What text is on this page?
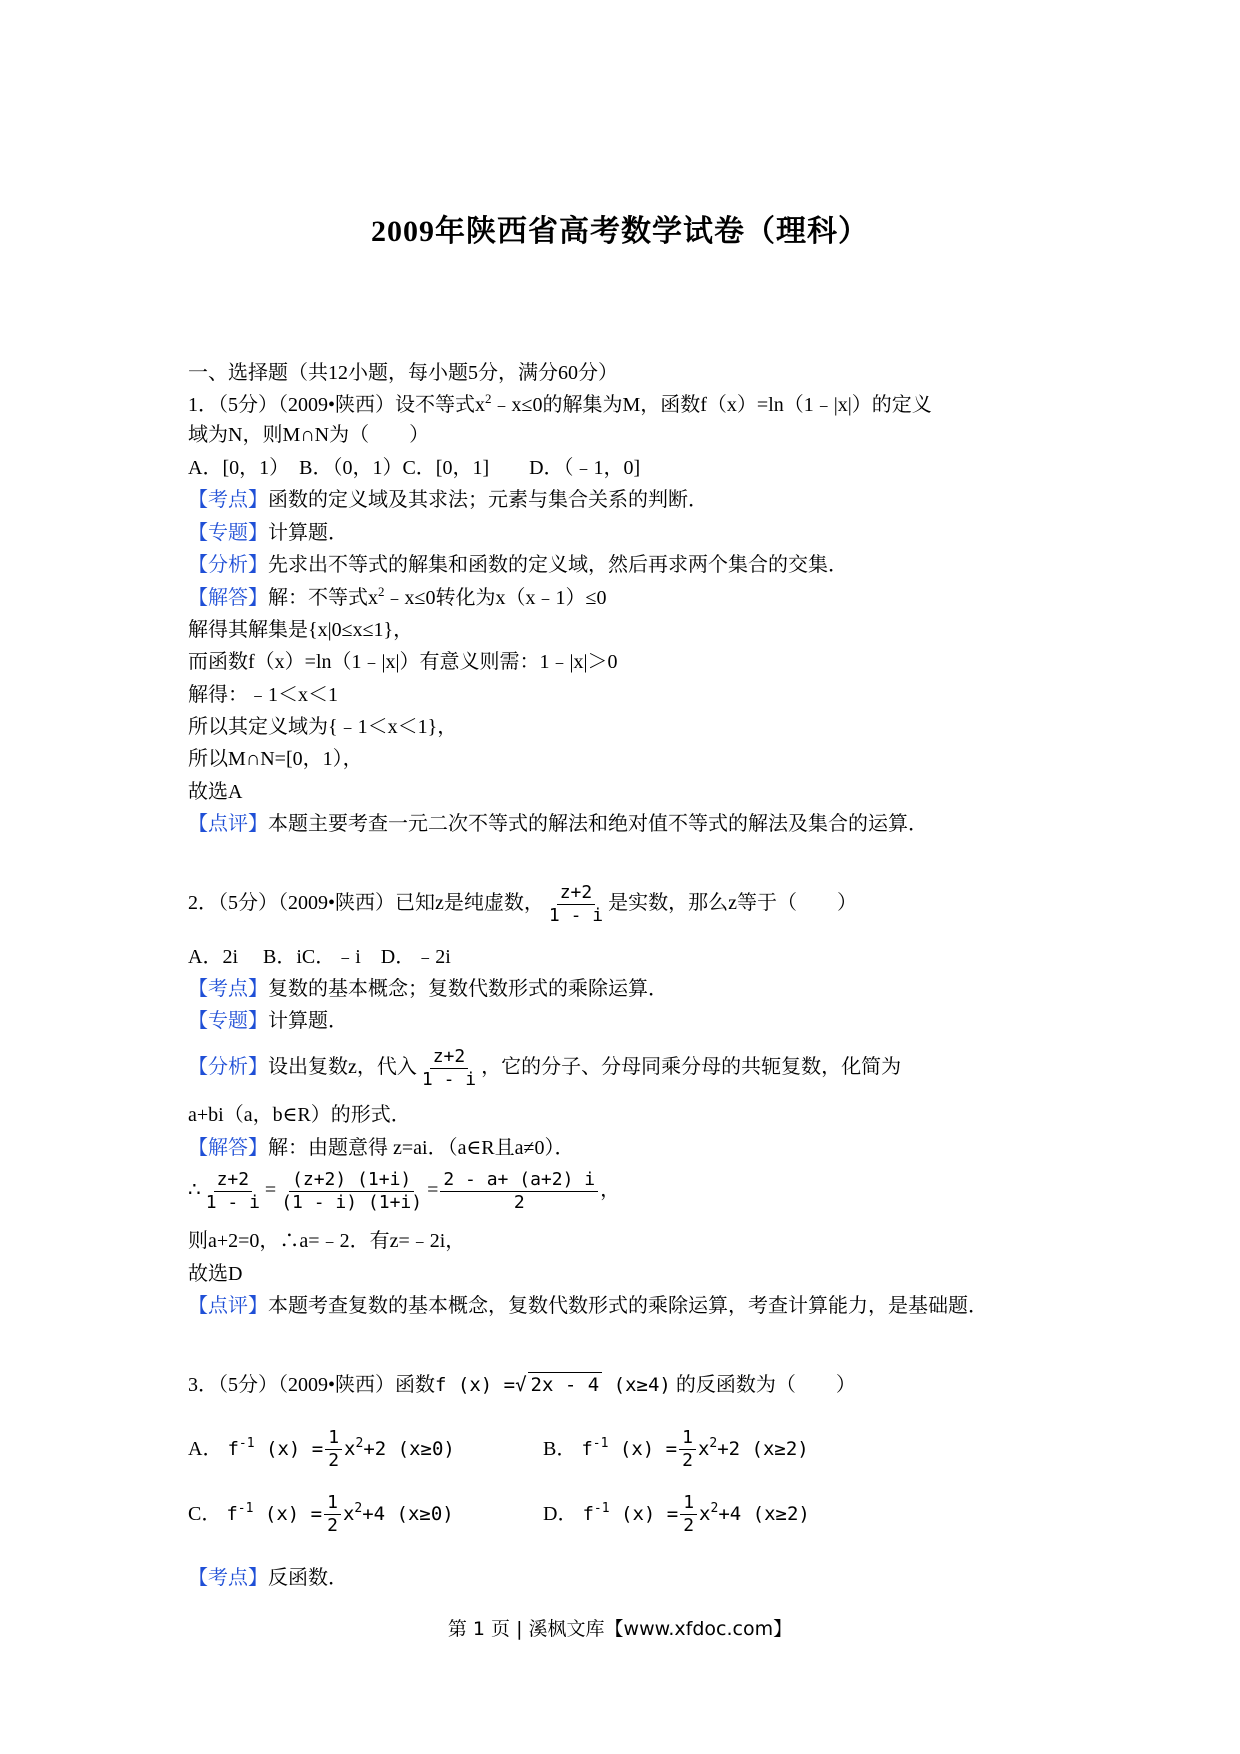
2009年陕西省高考数学试卷（理科）
一、选择题（共12小题，每小题5分，满分60分）
1．（5分）（2009•陕西）设不等式$x^2﹣x\le 0$的解集为M，函数f（x）=ln（1﹣|x|）的定义
域为N，则M∩N为（　　）
A．[0，1）　B．（0，1）C．[0，1]　　D．（﹣1，0]
【考点】函数的定义域及其求法；元素与集合关系的判断．
【专题】计算题．
【分析】先求出不等式的解集和函数的定义域，然后再求两个集合的交集．
【解答】解：不等式$x^2﹣x\le 0$转化为x（x﹣1）≤0
解得其解集是{x|0≤x≤1}，
而函数f（x）=ln（1﹣|x|）有意义则需：1﹣|x|＞0
解得：﹣1＜x＜1
所以其定义域为{﹣1＜x＜1}，
所以M∩N=[0，1），
故选A
【点评】本题主要考查一元二次不等式的解法和绝对值不等式的解法及集合的运算．
2．（5分）（2009•陕西）已知z是纯虚数， $\frac{z+2}{1 - i}$ 是实数，那么z等于（　　）
A．2i　 B．iC．﹣i　D．﹣2i
【考点】复数的基本概念；复数代数形式的乘除运算．
【专题】计算题．
【分析】设出复数z，代入 $\frac{z+2}{1 - i}$ ，它的分子、分母同乘分母的共轭复数，化简为
a+bi（a，b∈R）的形式．
【解答】解：由题意得 z=ai．（a∈R且a≠0）．
∴ $\frac{z+2}{1 - i} = \frac{(z+2) (1+i)}{(1 - i) (1+i)} = \frac{2 - a+ (a+2) i}{2}$ ，
则a+2=0，∴a=﹣2．有z=﹣2i，
故选D
【点评】本题考查复数的基本概念，复数代数形式的乘除运算，考查计算能力，是基础题．
3．（5分）（2009•陕西）函数f (x) =√ 2x - 4 (x≥4) 的反函数为（　　）
A． $f^{-1}$ $(x) = \frac{1}{2} x^2+2$ (x≥0)	B． $f^{-1}$ $(x) = \frac{1}{2} x^2+2$ (x≥2)
C． $f^{-1}$ $(x) = \frac{1}{2} x^2+4$ (x≥0)	D． $f^{-1}$ $(x) = \frac{1}{2} x^2+4$ (x≥2)
【考点】反函数．
第 1 页 | 溪枫文库【www.xfdoc.com】
